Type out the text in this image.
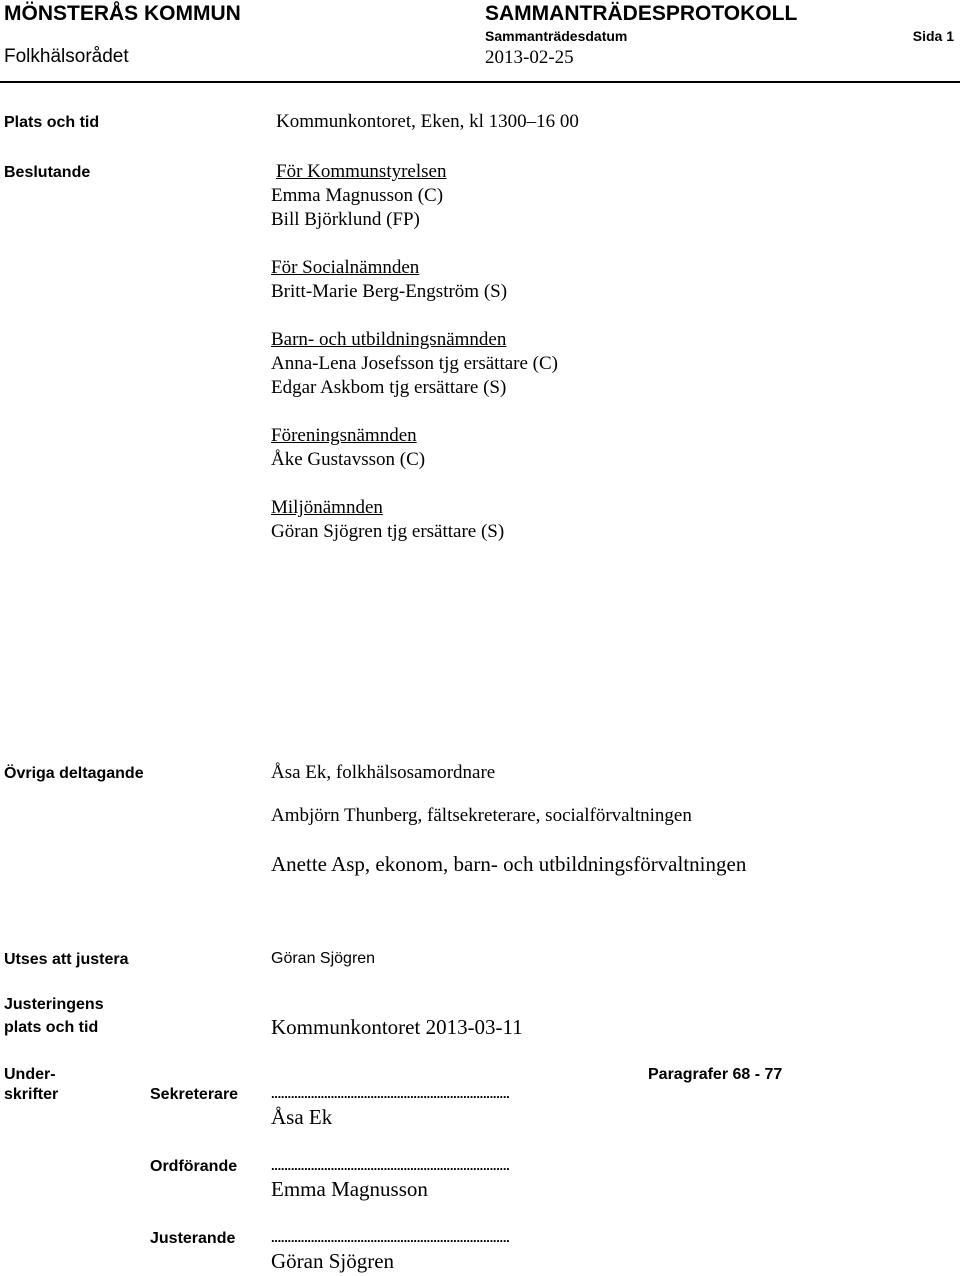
MÖNSTERÅS KOMMUN	SAMMANTRÄDESPROTOKOLL
Sammanträdesdatum	Sida 1
Folkhälsorådet	2013-02-25
Plats och tid	Kommunkontoret, Eken, kl 1300–16 00
Beslutande	För Kommunstyrelsen
Emma Magnusson (C)
Bill Björklund (FP)
För Socialnämnden
Britt-Marie Berg-Engström (S)
Barn- och utbildningsnämnden
Anna-Lena Josefsson tjg ersättare (C)
Edgar Askbom tjg ersättare (S)
Föreningsnämnden
Åke Gustavsson (C)
Miljönämnden
Göran Sjögren tjg ersättare (S)
Övriga deltagande	Åsa Ek, folkhälsosamordnare
Ambjörn Thunberg, fältsekreterare, socialförvaltningen
Anette Asp, ekonom, barn- och utbildningsförvaltningen
Utses att justera	Göran Sjögren
Justeringens
plats och tid	Kommunkontoret 2013-03-11
Under-
skrifter
Paragrafer 68 - 77
Sekreterare	........................................................................
Åsa Ek
Ordförande	........................................................................
Emma Magnusson
Justerande	........................................................................
Göran Sjögren
